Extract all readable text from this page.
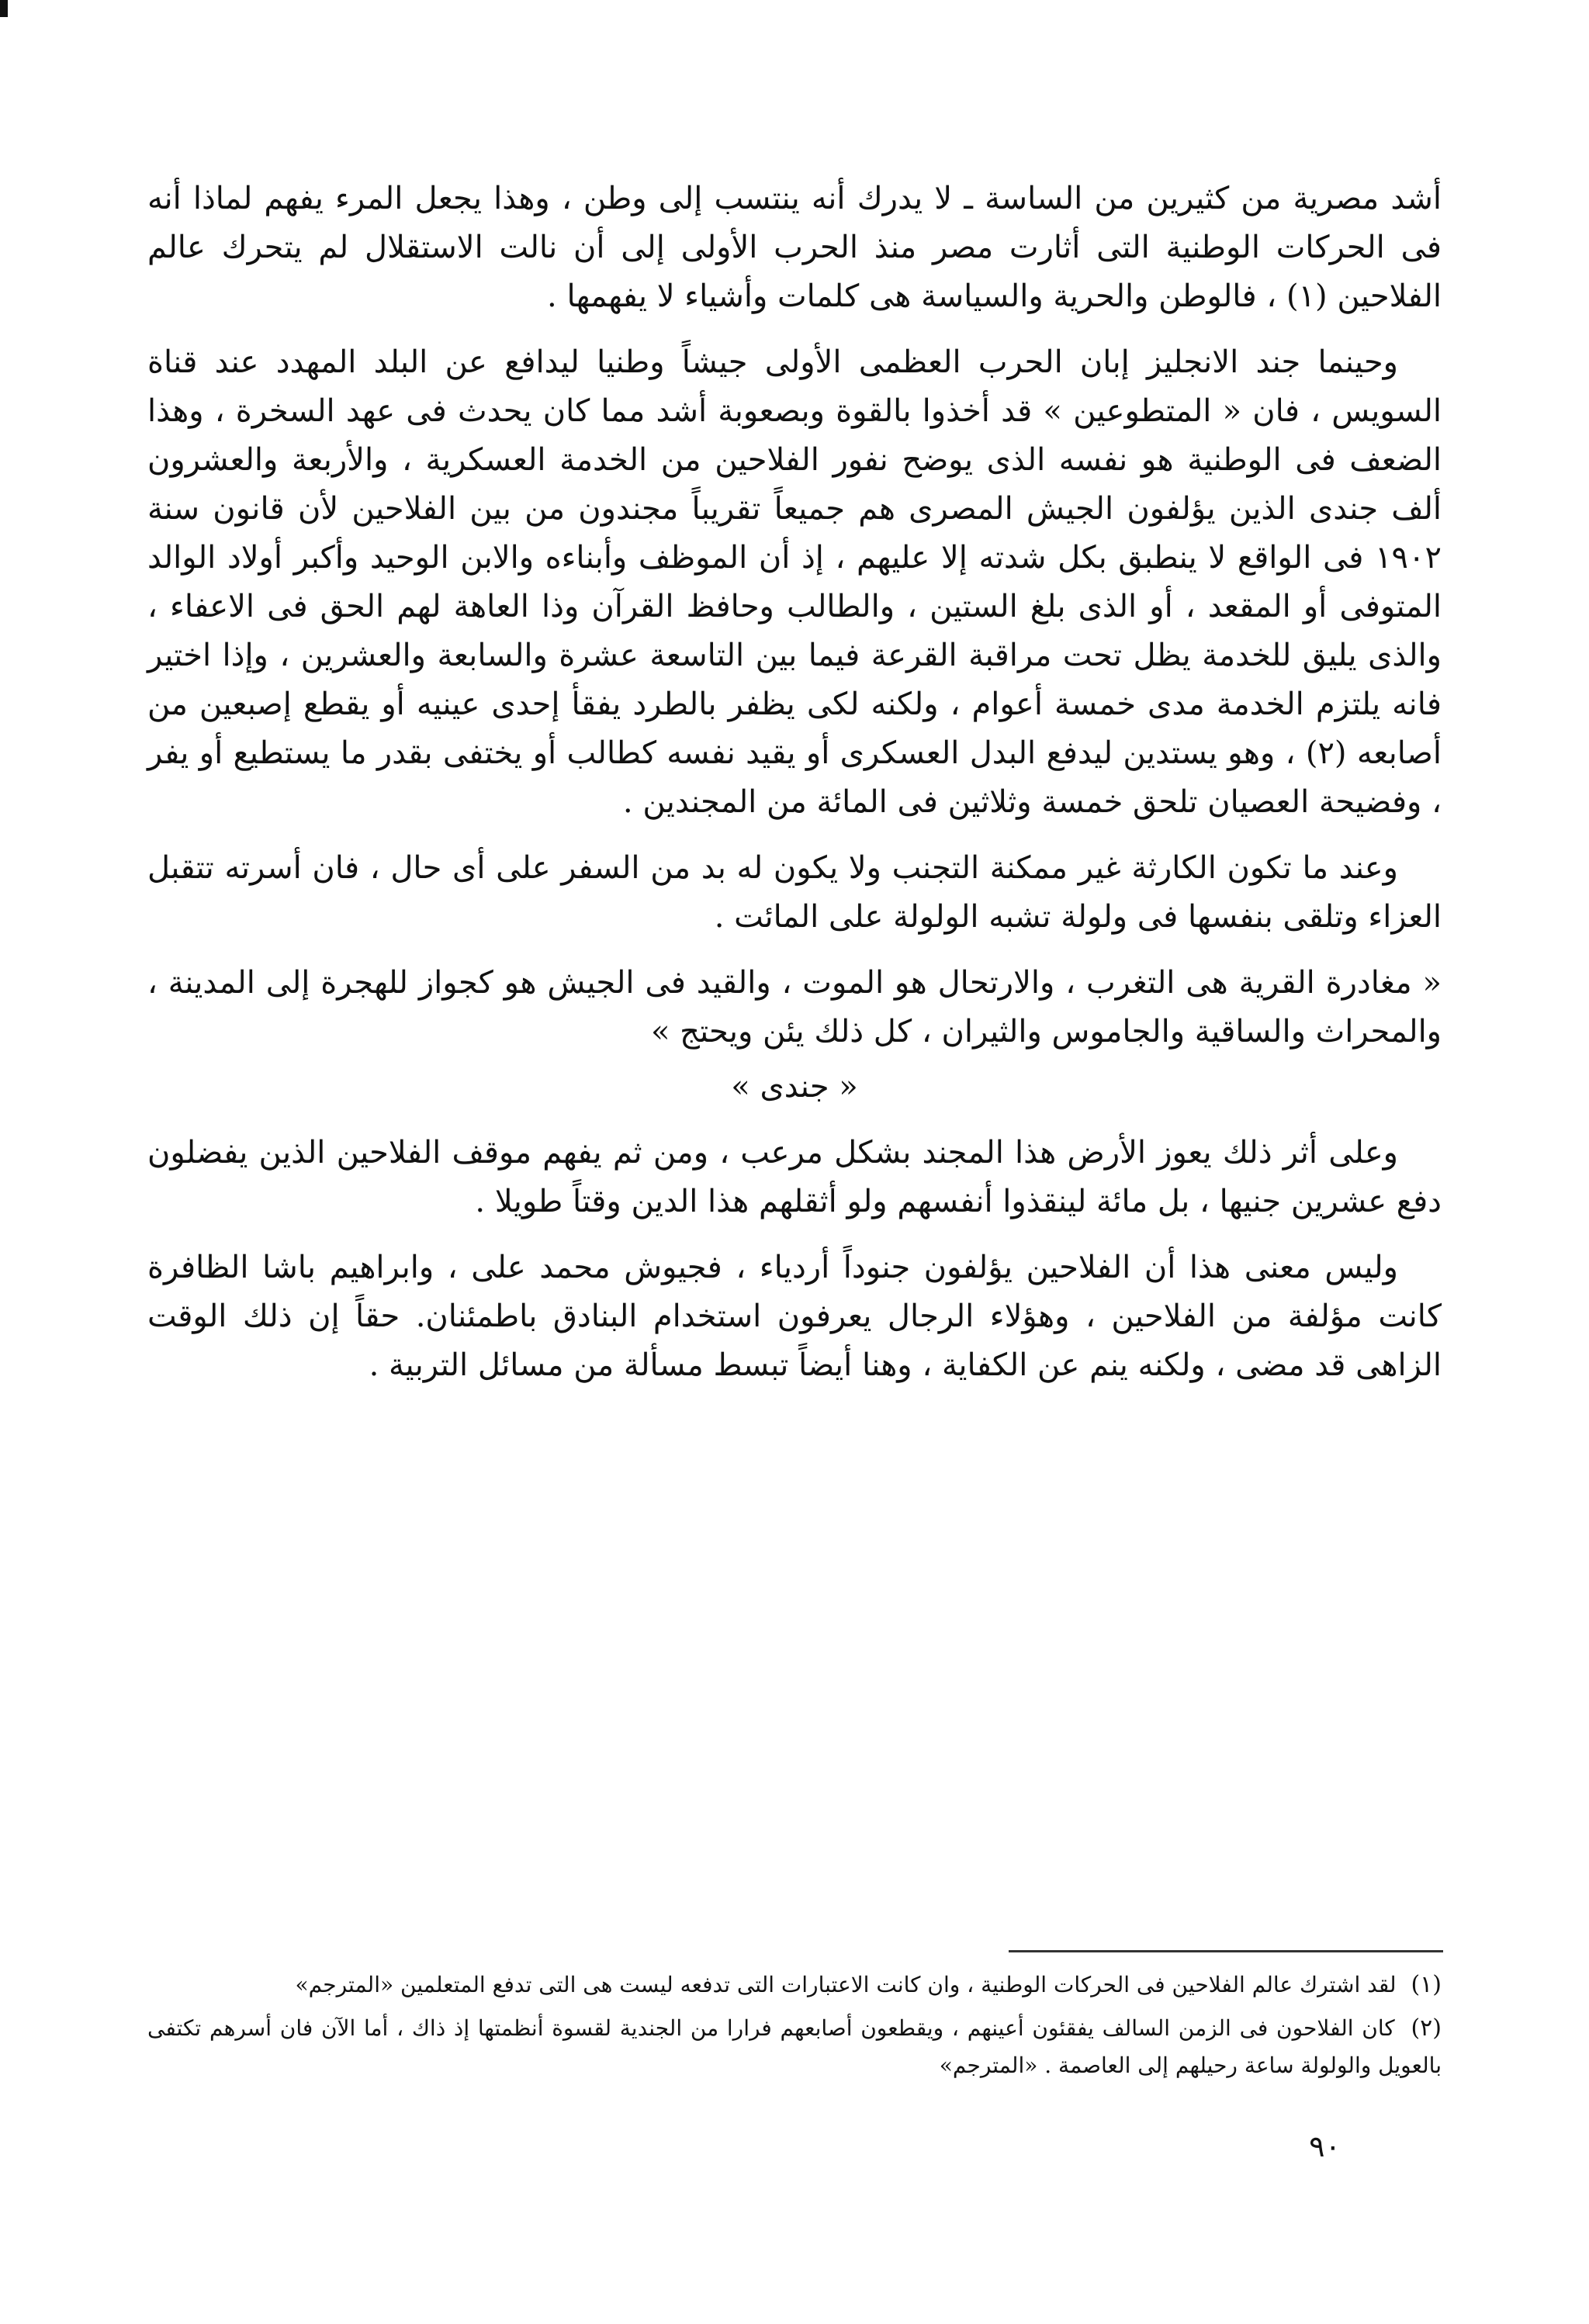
أشد مصرية من كثيرين من الساسة ـ لا يدرك أنه ينتسب إلى وطن ، وهذا يجعل المرء يفهم لماذا أنه فى الحركات الوطنية التى أثارت مصر منذ الحرب الأولى إلى أن نالت الاستقلال لم يتحرك عالم الفلاحين (١) ، فالوطن والحرية والسياسة هى كلمات وأشياء لا يفهمها .

وحينما جند الانجليز إبان الحرب العظمى الأولى جيشاً وطنيا ليدافع عن البلد المهدد عند قناة السويس ، فان « المتطوعين » قد أخذوا بالقوة وبصعوبة أشد مما كان يحدث فى عهد السخرة ، وهذا الضعف فى الوطنية هو نفسه الذى يوضح نفور الفلاحين من الخدمة العسكرية ، والأربعة والعشرون ألف جندى الذين يؤلفون الجيش المصرى هم جميعاً تقريباً مجندون من بين الفلاحين لأن قانون سنة ١٩٠٢ فى الواقع لا ينطبق بكل شدته إلا عليهم ، إذ أن الموظف وأبناءه والابن الوحيد وأكبر أولاد الوالد المتوفى أو المقعد ، أو الذى بلغ الستين ، والطالب وحافظ القرآن وذا العاهة لهم الحق فى الاعفاء ، والذى يليق للخدمة يظل تحت مراقبة القرعة فيما بين التاسعة عشرة والسابعة والعشرين ، وإذا اختير فانه يلتزم الخدمة مدى خمسة أعوام ، ولكنه لكى يظفر بالطرد يفقأ إحدى عينيه أو يقطع إصبعين من أصابعه (٢) ، وهو يستدين ليدفع البدل العسكرى أو يقيد نفسه كطالب أو يختفى بقدر ما يستطيع أو يفر ، وفضيحة العصيان تلحق خمسة وثلاثين فى المائة من المجندين .

وعند ما تكون الكارثة غير ممكنة التجنب ولا يكون له بد من السفر على أى حال ، فان أسرته تتقبل العزاء وتلقى بنفسها فى ولولة تشبه الولولة على المائت .

« مغادرة القرية هى التغرب ، والارتحال هو الموت ، والقيد فى الجيش هو كجواز للهجرة إلى المدينة ، والمحراث والساقية والجاموس والثيران ، كل ذلك يئن ويحتج »

« جندى »

وعلى أثر ذلك يعوز الأرض هذا المجند بشكل مرعب ، ومن ثم يفهم موقف الفلاحين الذين يفضلون دفع عشرين جنيها ، بل مائة لينقذوا أنفسهم ولو أثقلهم هذا الدين وقتاً طويلا .

وليس معنى هذا أن الفلاحين يؤلفون جنوداً أردياء ، فجيوش محمد على ، وابراهيم باشا الظافرة كانت مؤلفة من الفلاحين ، وهؤلاء الرجال يعرفون استخدام البنادق باطمئنان. حقاً إن ذلك الوقت الزاهى قد مضى ، ولكنه ينم عن الكفاية ، وهنا أيضاً تبسط مسألة من مسائل التربية .

(١) لقد اشترك عالم الفلاحين فى الحركات الوطنية ، وان كانت الاعتبارات التى تدفعه ليست هى التى تدفع المتعلمين «المترجم»

(٢) كان الفلاحون فى الزمن السالف يفقئون أعينهم ، ويقطعون أصابعهم فرارا من الجندية لقسوة أنظمتها إذ ذاك ، أما الآن فان أسرهم تكتفى بالعويل والولولة ساعة رحيلهم إلى العاصمة . «المترجم»

٩٠
